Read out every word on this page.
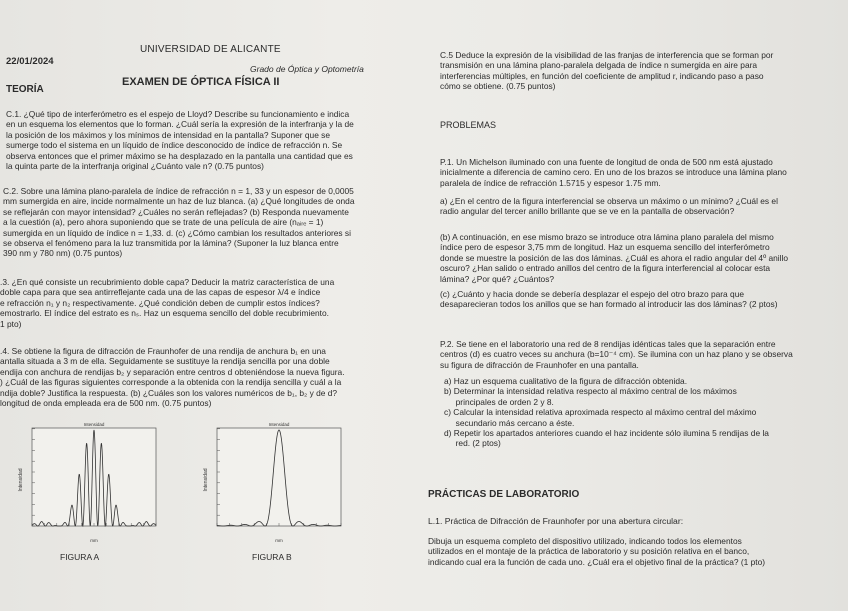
UNIVERSIDAD DE ALICANTE
22/01/2024
Grado de Óptica y Optometría
EXAMEN DE ÓPTICA FÍSICA II
TEORÍA
C.1. ¿Qué tipo de interferómetro es el espejo de Lloyd? Describe su funcionamiento e indica
en un esquema los elementos que lo forman. ¿Cuál sería la expresión de la interfranja y la de
la posición de los máximos y los mínimos de intensidad en la pantalla? Suponer que se
sumerge todo el sistema en un líquido de índice desconocido de índice de refracción n. Se
observa entonces que el primer máximo se ha desplazado en la pantalla una cantidad que es
la quinta parte de la interfranja original ¿Cuánto vale n? (0.75 puntos)
C.2. Sobre una lámina plano-paralela de índice de refracción n = 1, 33 y un espesor de 0,0005
mm sumergida en aire, incide normalmente un haz de luz blanca. (a) ¿Qué longitudes de onda
se reflejarán con mayor intensidad? ¿Cuáles no serán reflejadas? (b) Responda nuevamente
a la cuestión (a), pero ahora suponiendo que se trate de una película de aire (nₐᵢᵣₑ = 1)
sumergida en un líquido de índice n = 1,33. d. (c) ¿Cómo cambian los resultados anteriores si
se observa el fenómeno para la luz transmitida por la lámina? (Suponer la luz blanca entre
390 nm y 780 nm) (0.75 puntos)
.3. ¿En qué consiste un recubrimiento doble capa? Deducir la matriz característica de una
doble capa para que sea antirreflejante cada una de las capas de espesor λ/4 e índice
e refracción n₁ y n₂ respectivamente. ¿Qué condición deben de cumplir estos índices?
emostrarlo. El índice del estrato es nₛ. Haz un esquema sencillo del doble recubrimiento.
1 pto)
.4. Se obtiene la figura de difracción de Fraunhofer de una rendija de anchura b₁ en una
antalla situada a 3 m de ella. Seguidamente se sustituye la rendija sencilla por una doble
endija con anchura de rendijas b₂ y separación entre centros d obteniéndose la nueva figura.
) ¿Cuál de las figuras siguientes corresponde a la obtenida con la rendija sencilla y cuál a la
ndija doble? Justifica la respuesta. (b) ¿Cuáles son los valores numéricos de b₁, b₂ y de d?
longitud de onda empleada era de 500 nm. (0.75 puntos)
Intensidad
Intensidad
mm
FIGURA A
Intensidad
Intensidad
mm
FIGURA B
C.5 Deduce la expresión de la visibilidad de las franjas de interferencia que se forman por
transmisión en una lámina plano-paralela delgada de índice n sumergida en aire para
interferencias múltiples, en función del coeficiente de amplitud r, indicando paso a paso
cómo se obtiene. (0.75 puntos)
PROBLEMAS
P.1. Un Michelson iluminado con una fuente de longitud de onda de 500 nm está ajustado
inicialmente a diferencia de camino cero. En uno de los brazos se introduce una lámina plano
paralela de índice de refracción 1.5715 y espesor 1.75 mm.
a) ¿En el centro de la figura interferencial se observa un máximo o un mínimo? ¿Cuál es el
radio angular del tercer anillo brillante que se ve en la pantalla de observación?
(b) A continuación, en ese mismo brazo se introduce otra lámina plano paralela del mismo
índice pero de espesor 3,75 mm de longitud. Haz un esquema sencillo del interferómetro
donde se muestre la posición de las dos láminas. ¿Cuál es ahora el radio angular del 4º anillo
oscuro? ¿Han salido o entrado anillos del centro de la figura interferencial al colocar esta
lámina? ¿Por qué? ¿Cuántos?
(c) ¿Cuánto y hacia donde se debería desplazar el espejo del otro brazo para que
desaparecieran todos los anillos que se han formado al introducir las dos láminas? (2 ptos)
P.2. Se tiene en el laboratorio una red de 8 rendijas idénticas tales que la separación entre
centros (d) es cuatro veces su anchura (b=10⁻⁴ cm). Se ilumina con un haz plano y se observa
su figura de difracción de Fraunhofer en una pantalla.
a) Haz un esquema cualitativo de la figura de difracción obtenida.
b) Determinar la intensidad relativa respecto al máximo central de los máximos
principales de orden 2 y 8.
c) Calcular la intensidad relativa aproximada respecto al máximo central del máximo
secundario más cercano a éste.
d) Repetir los apartados anteriores cuando el haz incidente sólo ilumina 5 rendijas de la
red. (2 ptos)
PRÁCTICAS DE LABORATORIO
L.1. Práctica de Difracción de Fraunhofer por una abertura circular:
Dibuja un esquema completo del dispositivo utilizado, indicando todos los elementos
utilizados en el montaje de la práctica de laboratorio y su posición relativa en el banco,
indicando cual era la función de cada uno. ¿Cuál era el objetivo final de la práctica? (1 pto)
